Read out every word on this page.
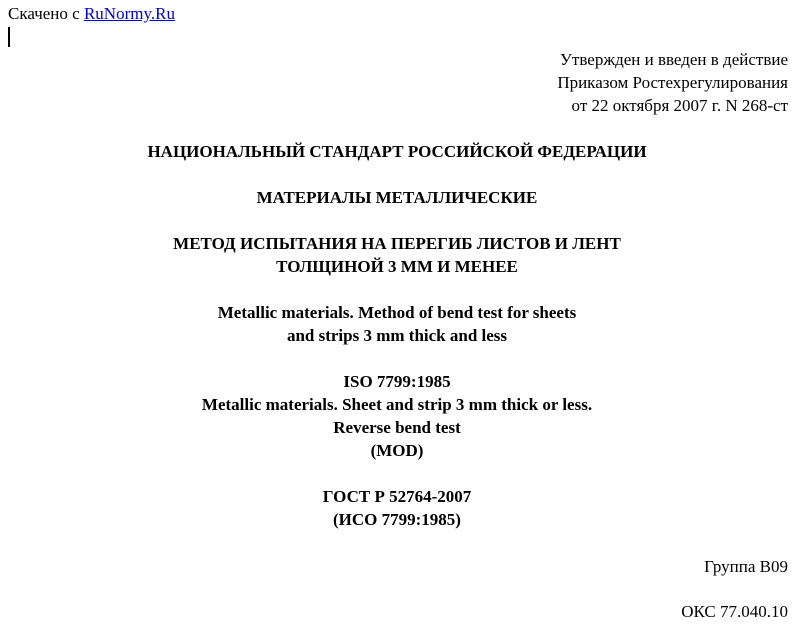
Скачено с RuNormy.Ru
Утвержден и введен в действие
Приказом Ростехрегулирования
от 22 октября 2007 г. N 268-ст
НАЦИОНАЛЬНЫЙ СТАНДАРТ РОССИЙСКОЙ ФЕДЕРАЦИИ
МАТЕРИАЛЫ МЕТАЛЛИЧЕСКИЕ
МЕТОД ИСПЫТАНИЯ НА ПЕРЕГИБ ЛИСТОВ И ЛЕНТ
ТОЛЩИНОЙ 3 ММ И МЕНЕЕ
Metallic materials. Method of bend test for sheets
and strips 3 mm thick and less
ISO 7799:1985
Metallic materials. Sheet and strip 3 mm thick or less.
Reverse bend test
(MOD)
ГОСТ Р 52764-2007
(ИСО 7799:1985)
Группа В09
ОКС 77.040.10
